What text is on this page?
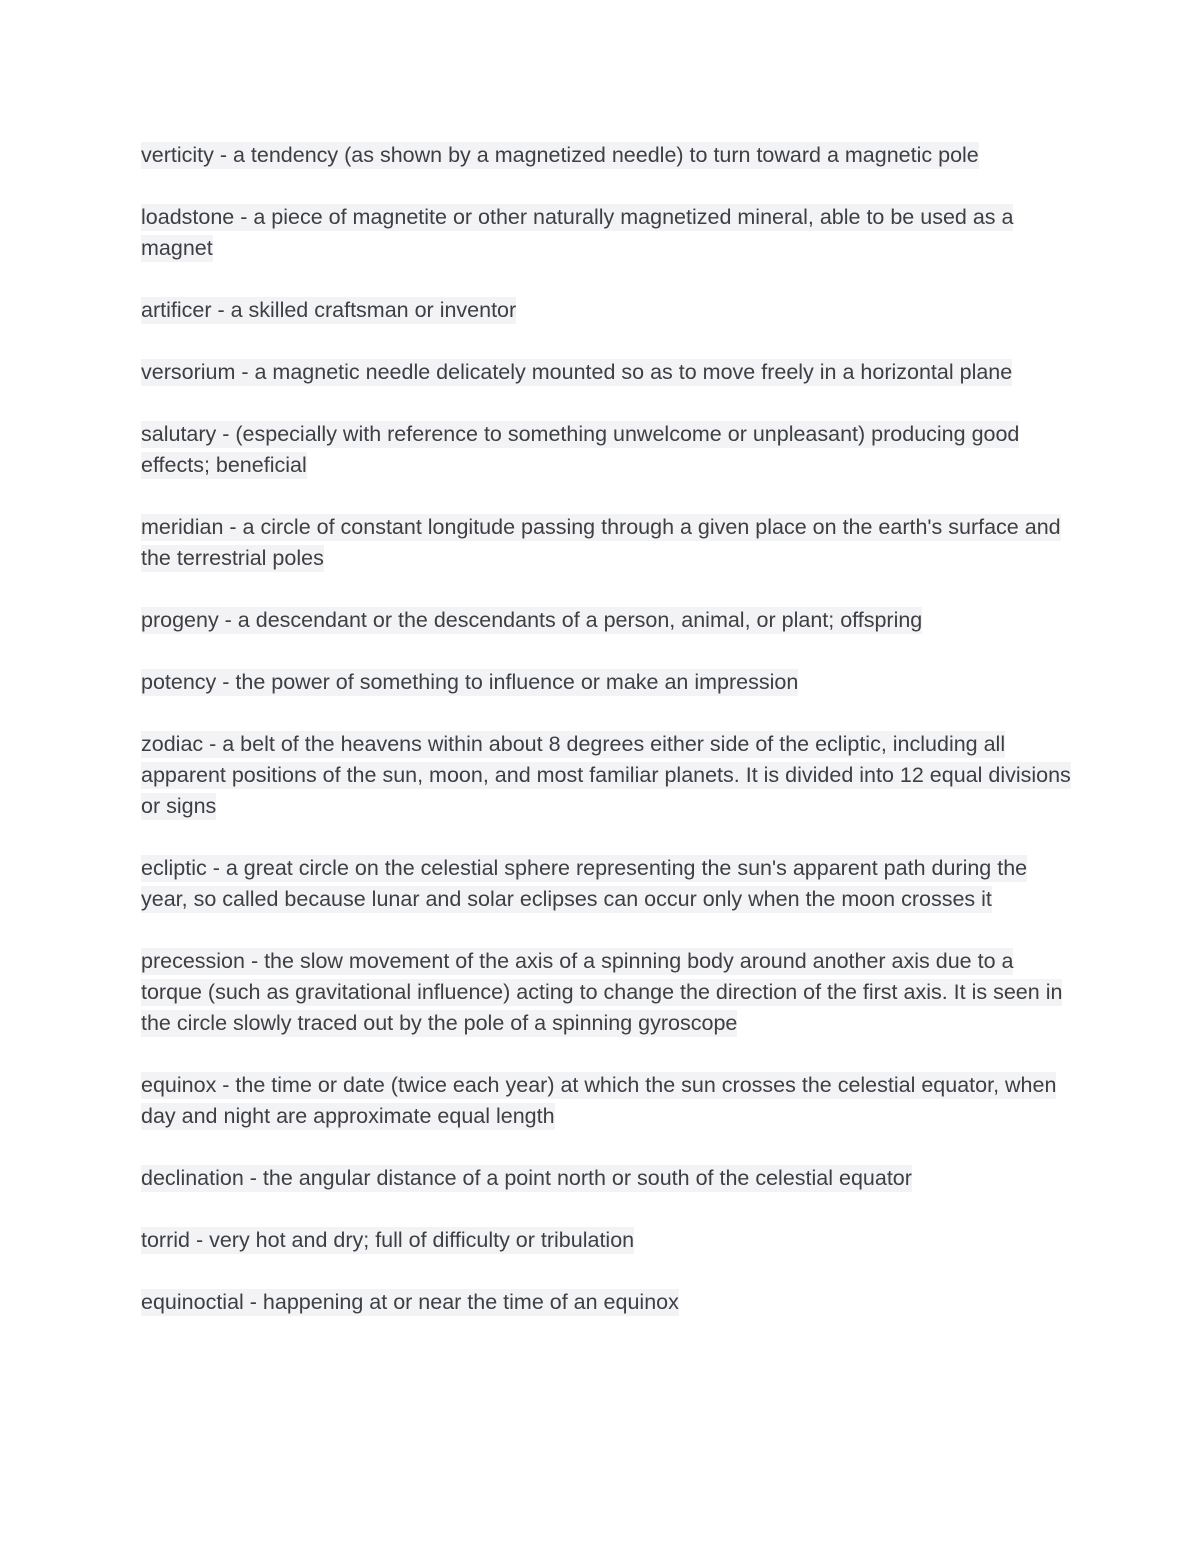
verticity - a tendency (as shown by a magnetized needle) to turn toward a magnetic pole

loadstone - a piece of magnetite or other naturally magnetized mineral, able to be used as a magnet

artificer - a skilled craftsman or inventor

versorium - a magnetic needle delicately mounted so as to move freely in a horizontal plane

salutary - (especially with reference to something unwelcome or unpleasant) producing good effects; beneficial

meridian - a circle of constant longitude passing through a given place on the earth's surface and the terrestrial poles

progeny - a descendant or the descendants of a person, animal, or plant; offspring

potency - the power of something to influence or make an impression

zodiac - a belt of the heavens within about 8 degrees either side of the ecliptic, including all apparent positions of the sun, moon, and most familiar planets. It is divided into 12 equal divisions or signs

ecliptic - a great circle on the celestial sphere representing the sun's apparent path during the year, so called because lunar and solar eclipses can occur only when the moon crosses it

precession - the slow movement of the axis of a spinning body around another axis due to a torque (such as gravitational influence) acting to change the direction of the first axis. It is seen in the circle slowly traced out by the pole of a spinning gyroscope

equinox - the time or date (twice each year) at which the sun crosses the celestial equator, when day and night are approximate equal length

declination - the angular distance of a point north or south of the celestial equator

torrid - very hot and dry; full of difficulty or tribulation

equinoctial - happening at or near the time of an equinox
